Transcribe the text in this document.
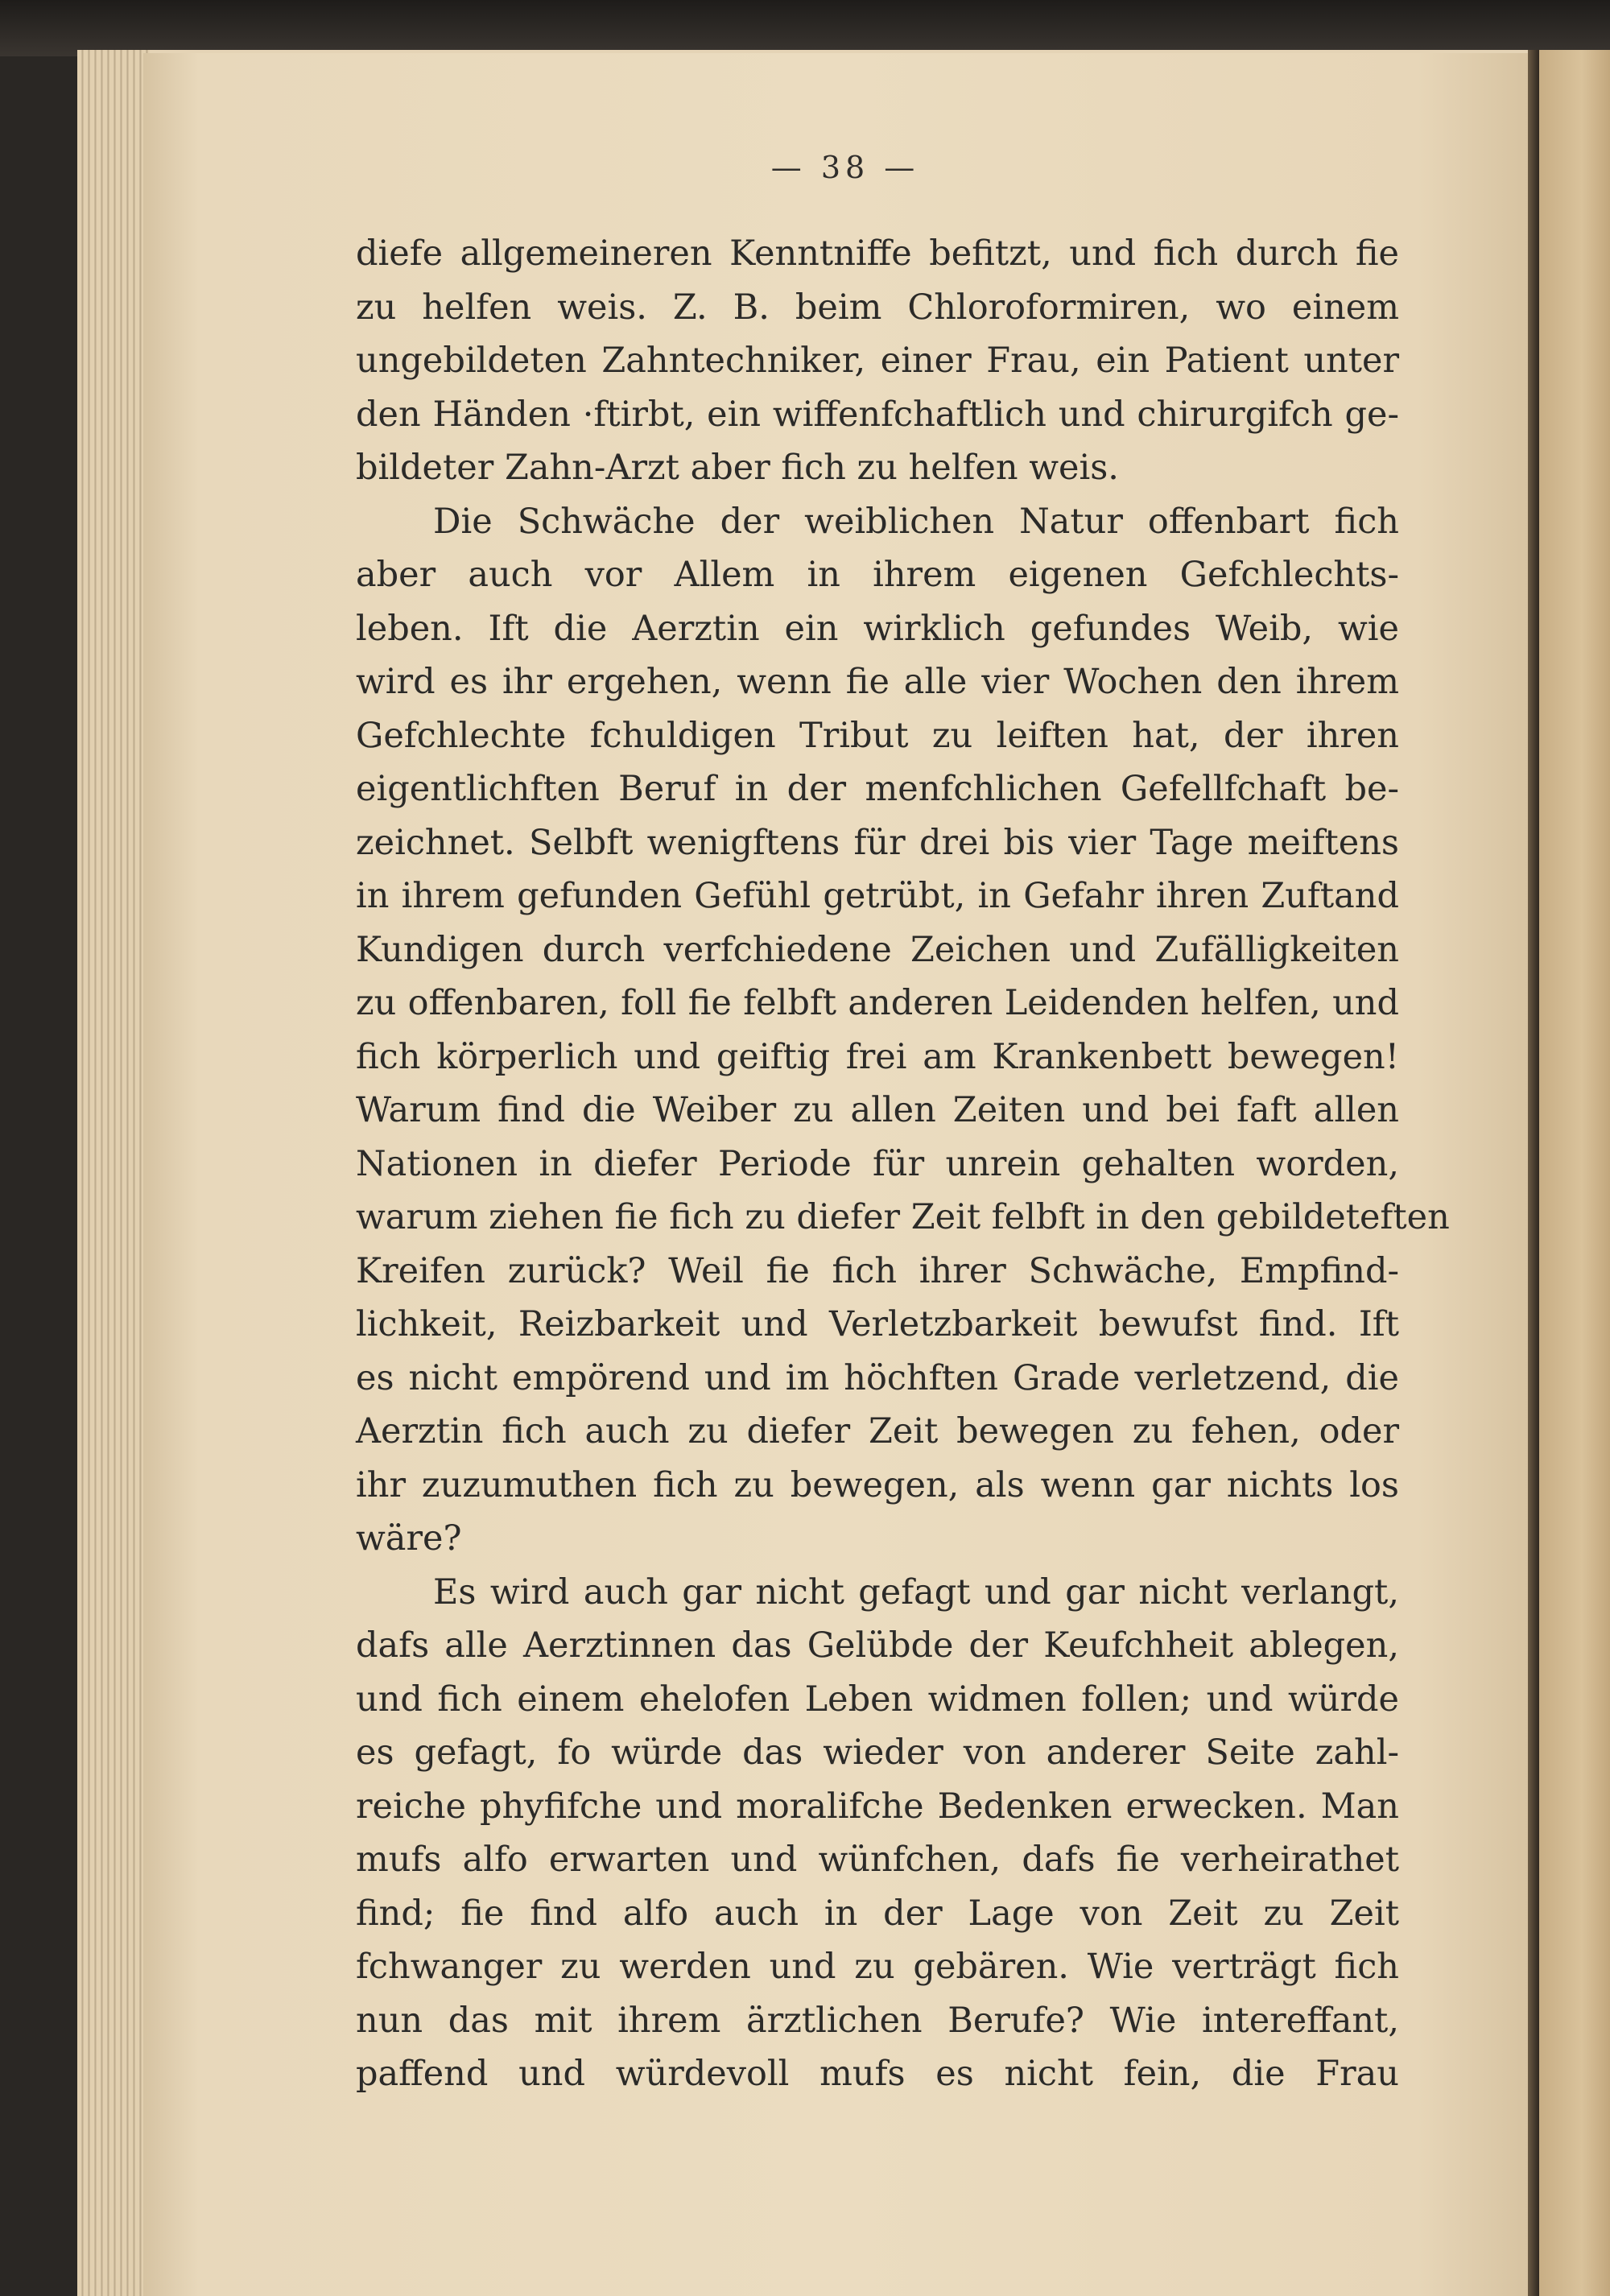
— 38 —
diefe allgemeineren Kenntniffe befitzt, und fich durch fie
zu helfen weis. Z. B. beim Chloroformiren, wo einem
ungebildeten Zahntechniker, einer Frau, ein Patient unter
den Händen ·ftirbt, ein wiffenfchaftlich und chirurgifch ge-
bildeter Zahn-Arzt aber fich zu helfen weis.
Die Schwäche der weiblichen Natur offenbart fich
aber auch vor Allem in ihrem eigenen Gefchlechts-
leben. Ift die Aerztin ein wirklich gefundes Weib, wie
wird es ihr ergehen, wenn fie alle vier Wochen den ihrem
Gefchlechte fchuldigen Tribut zu leiften hat, der ihren
eigentlichften Beruf in der menfchlichen Gefellfchaft be-
zeichnet. Selbft wenigftens für drei bis vier Tage meiftens
in ihrem gefunden Gefühl getrübt, in Gefahr ihren Zuftand
Kundigen durch verfchiedene Zeichen und Zufälligkeiten
zu offenbaren, foll fie felbft anderen Leidenden helfen, und
fich körperlich und geiftig frei am Krankenbett bewegen!
Warum find die Weiber zu allen Zeiten und bei faft allen
Nationen in diefer Periode für unrein gehalten worden,
warum ziehen fie fich zu diefer Zeit felbft in den gebildeteften
Kreifen zurück? Weil fie fich ihrer Schwäche, Empfind-
lichkeit, Reizbarkeit und Verletzbarkeit bewufst find. Ift
es nicht empörend und im höchften Grade verletzend, die
Aerztin fich auch zu diefer Zeit bewegen zu fehen, oder
ihr zuzumuthen fich zu bewegen, als wenn gar nichts los
wäre?
Es wird auch gar nicht gefagt und gar nicht verlangt,
dafs alle Aerztinnen das Gelübde der Keufchheit ablegen,
und fich einem ehelofen Leben widmen follen; und würde
es gefagt, fo würde das wieder von anderer Seite zahl-
reiche phyfifche und moralifche Bedenken erwecken. Man
mufs alfo erwarten und wünfchen, dafs fie verheirathet
find; fie find alfo auch in der Lage von Zeit zu Zeit
fchwanger zu werden und zu gebären. Wie verträgt fich
nun das mit ihrem ärztlichen Berufe? Wie intereffant,
paffend und würdevoll mufs es nicht fein, die Frau
